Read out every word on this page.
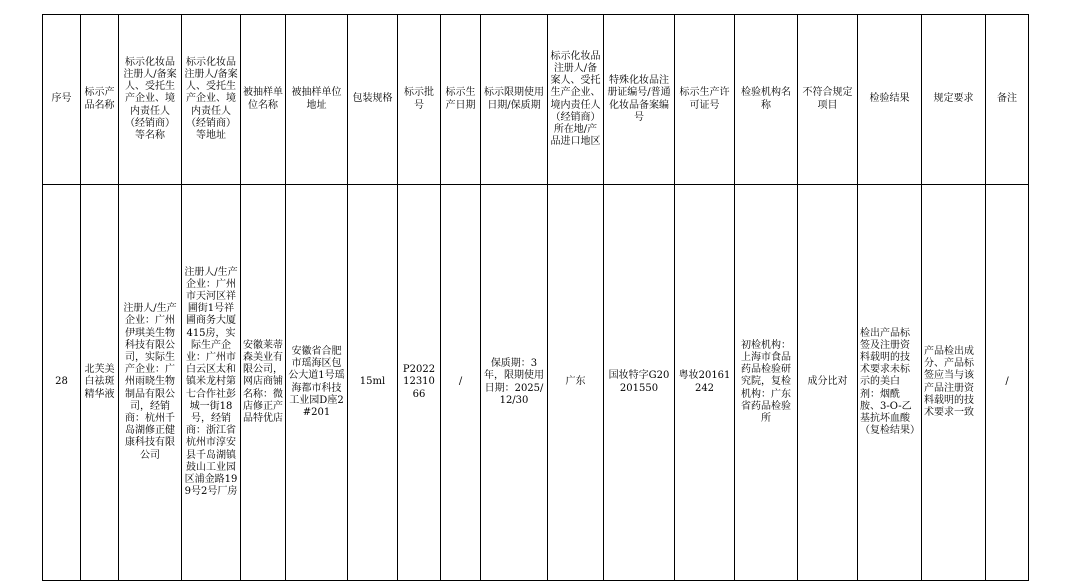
序号	标示产品名称	标示化妆品注册人/备案人、受托生产企业、境内责任人（经销商）等名称	标示化妆品注册人/备案人、受托生产企业、境内责任人（经销商）等地址	被抽样单位名称	被抽样单位地址	包装规格	标示批号	标示生产日期	标示限期使用日期/保质期	标示化妆品注册人/备案人、受托生产企业、境内责任人（经销商）所在地/产品进口地区	特殊化妆品注册证编号/普通化妆品备案编号	标示生产许可证号	检验机构名称	不符合规定项目	检验结果	规定要求	备注
28	北芙美白祛斑精华液	注册人/生产企业：广州伊琪美生物科技有限公司，实际生产企业：广州雨晓生物制品有限公司，经销商：杭州千岛湖修正健康科技有限公司	注册人/生产企业：广州市天河区祥圃街1号祥圃商务大厦415房，实际生产企业：广州市白云区太和镇米龙村第七合作社彭城一街18号，经销商：浙江省杭州市淳安县千岛湖镇鼓山工业园区浦金路199号2号厂房	安徽莱蒂森美业有限公司，网店商铺名称：微店修正产品特优店	安徽省合肥市瑶海区包公大道1号瑶海都市科技工业园D座2#201	15ml	P20221231066	/	保质期：3年，限期使用日期：2025/12/30	广东	国妆特字G20201550	粤妆20161242	初检机构：上海市食品药品检验研究院，复检机构：广东省药品检验所	成分比对	检出产品标签及注册资料载明的技术要求未标示的美白剂：烟酰胺、3-O-乙基抗坏血酸（复检结果）	产品检出成分、产品标签应当与该产品注册资料载明的技术要求一致	/
